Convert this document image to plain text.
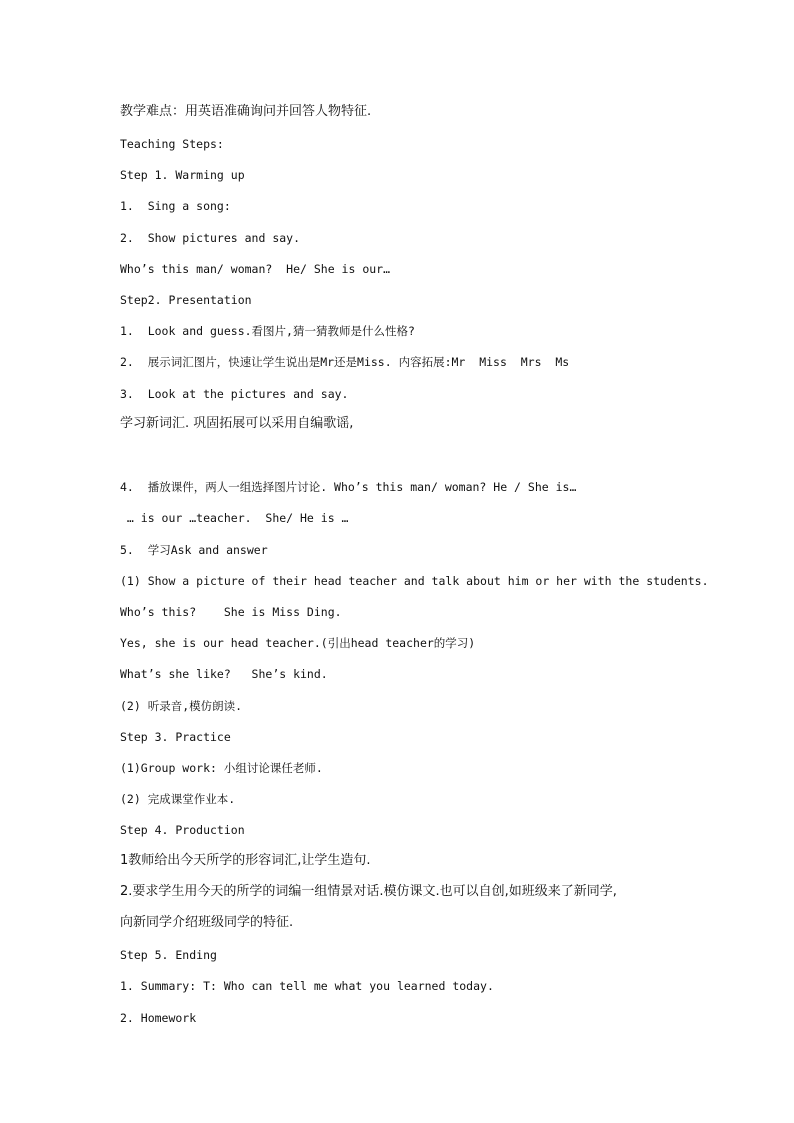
教学难点：用英语准确询问并回答人物特征.
Teaching Steps:
Step 1. Warming up
1.  Sing a song:
2.  Show pictures and say.
Who’s this man/ woman?  He/ She is our…
Step2. Presentation
1.  Look and guess.看图片,猜一猜教师是什么性格?
2.  展示词汇图片，快速让学生说出是Mr还是Miss. 内容拓展:Mr  Miss  Mrs  Ms
3.  Look at the pictures and say.
学习新词汇. 巩固拓展可以采用自编歌谣,
4.  播放课件，两人一组选择图片讨论. Who’s this man/ woman? He / She is…
… is our …teacher.  She/ He is …
5.  学习Ask and answer
(1) Show a picture of their head teacher and talk about him or her with the students.
Who’s this?    She is Miss Ding.
Yes, she is our head teacher.(引出head teacher的学习)
What’s she like?   She’s kind.
(2) 听录音,模仿朗读.
Step 3. Practice
(1)Group work: 小组讨论课任老师.
(2) 完成课堂作业本.
Step 4. Production
1教师给出今天所学的形容词汇,让学生造句.
2.要求学生用今天的所学的词编一组情景对话.模仿课文.也可以自创,如班级来了新同学,
向新同学介绍班级同学的特征.
Step 5. Ending
1. Summary: T: Who can tell me what you learned today.
2. Homework
